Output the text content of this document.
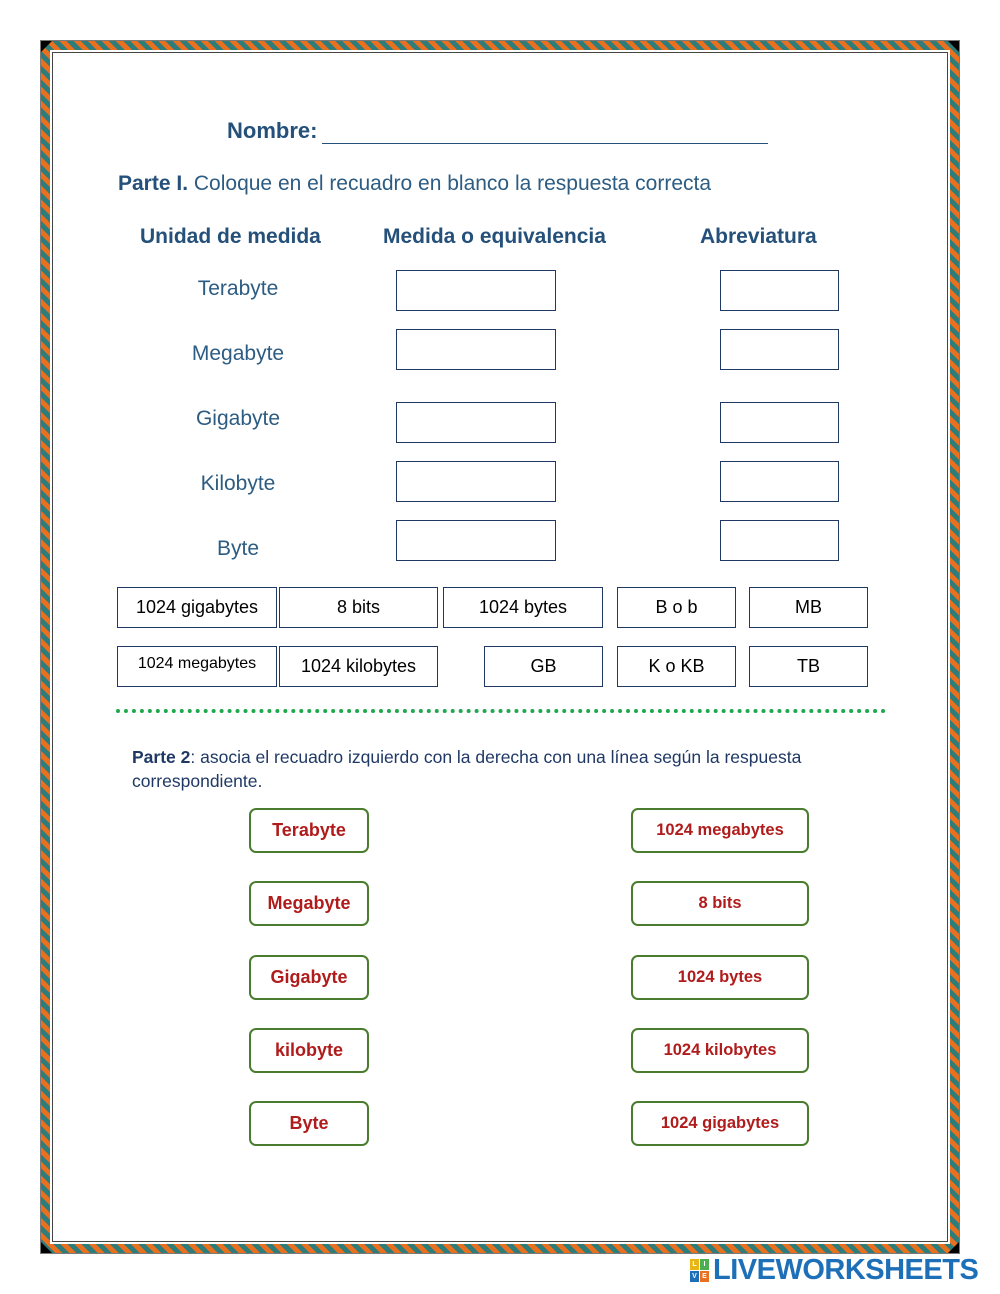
Nombre:
Parte I. Coloque en el recuadro en blanco la respuesta correcta
Unidad de medida	Medida o equivalencia	Abreviatura
Terabyte
Megabyte
Gigabyte
Kilobyte
Byte
1024 gigabytes	8 bits	1024 bytes	B o b	MB
1024 megabytes	1024 kilobytes	GB	K o KB	TB
Parte 2: asocia el recuadro izquierdo con la derecha con una línea según la respuesta correspondiente.
Terabyte
Megabyte
Gigabyte
kilobyte
Byte
1024 megabytes
8 bits
1024 bytes
1024 kilobytes
1024 gigabytes
L I
V E LIVEWORKSHEETS
